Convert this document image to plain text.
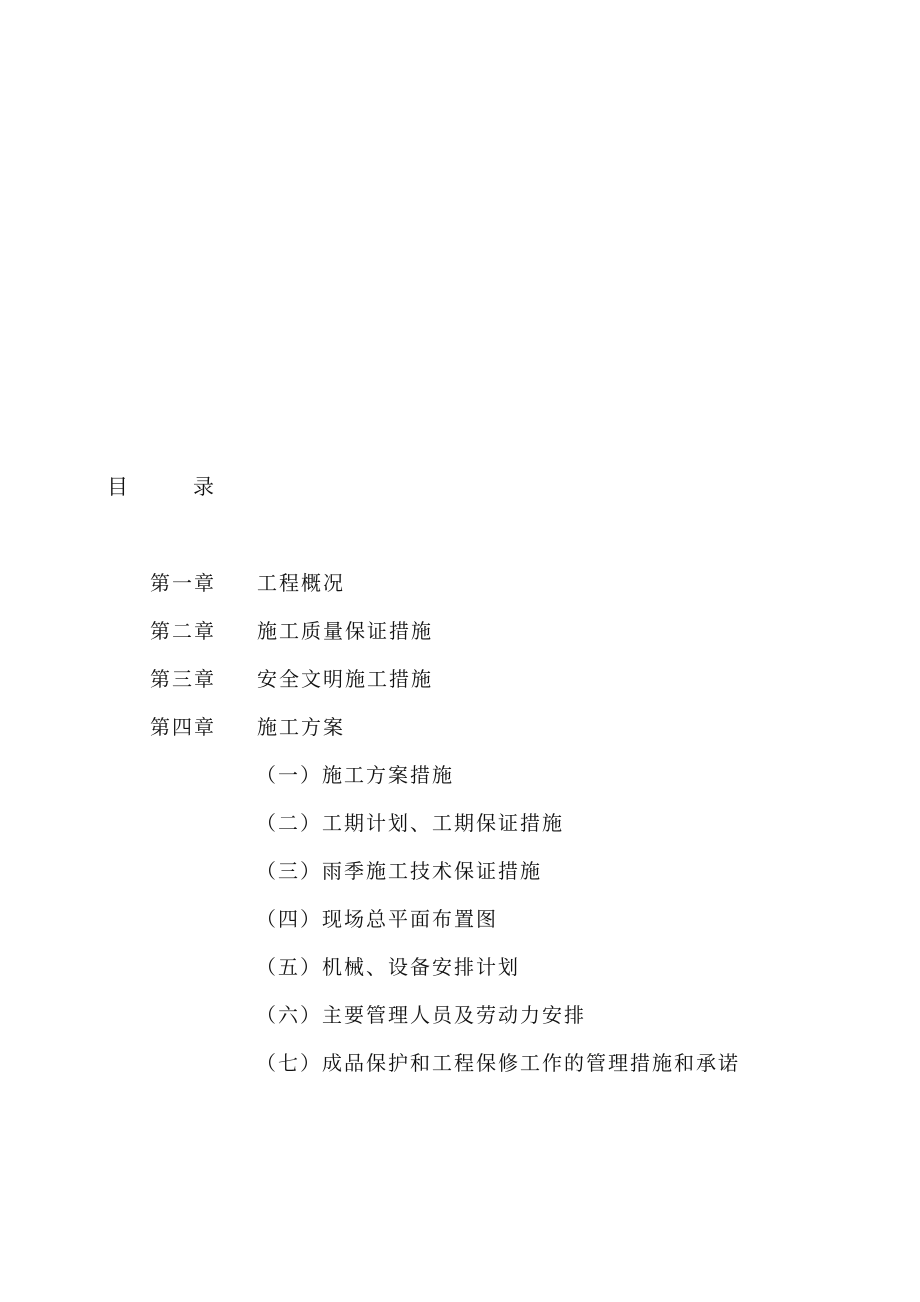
目	录
第一章	工程概况
第二章	施工质量保证措施
第三章	安全文明施工措施
第四章	施工方案
（一）施工方案措施
（二）工期计划、工期保证措施
（三）雨季施工技术保证措施
（四）现场总平面布置图
（五）机械、设备安排计划
（六）主要管理人员及劳动力安排
（七）成品保护和工程保修工作的管理措施和承诺
